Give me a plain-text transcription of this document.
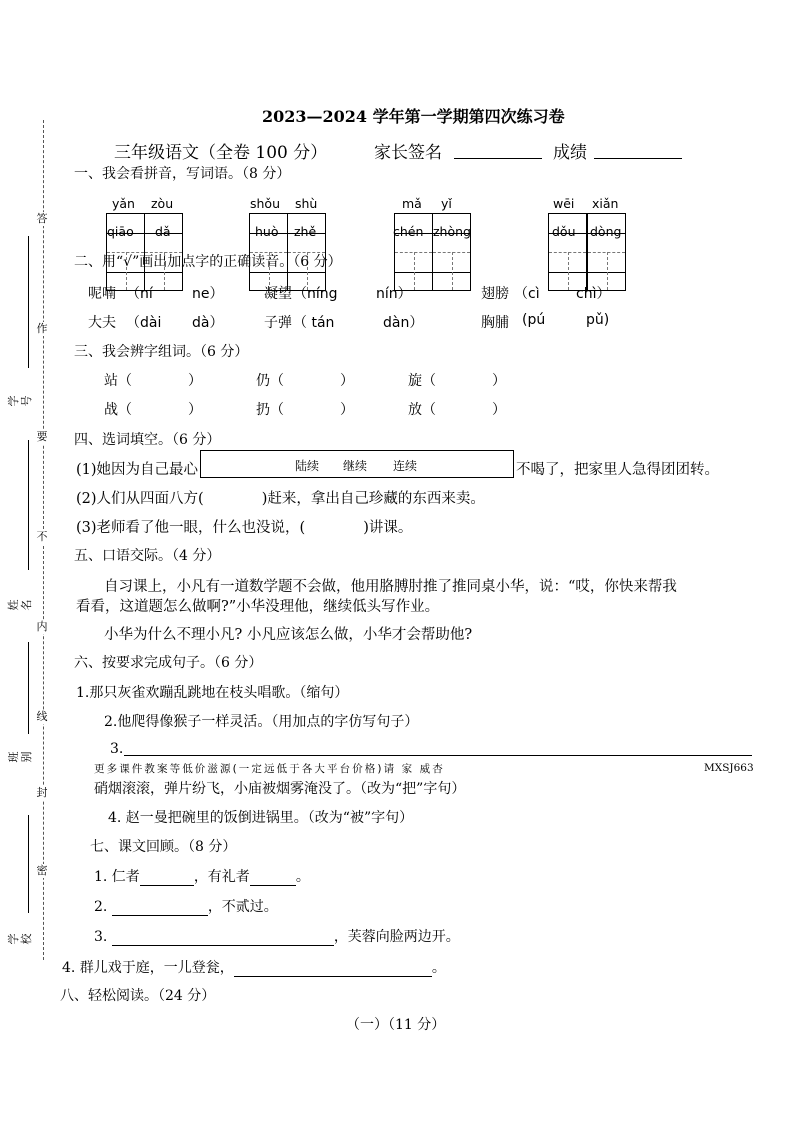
答
作
要
不
内
线
封
密
学号
姓名
班别
学校
2023—2024 学年第一学期第四次练习卷
三年级语文（全卷 100 分）	家长签名	成绩
一、我会看拼音，写词语。（8 分）
yǎn zòu
qiāo dǎ
shǒu shù
huò zhě
mǎ yǐ
chén zhòng
wēi xiǎn
dǒu dòng
二、用“√”画出加点字的正确读音。（6 分）
呢喃 （ní	ne）	凝望 （níng	nín）	翅膀 （cì	chì）
大夫 （dài dà）	子弹 （ tán	dàn）	胸脯 (pú	pǔ)
三、我会辨字组词。（6 分）
站（　　　　）	仍（　　　　）	旋（　　　　）
战（　　　　）	扔（　　　　）	放（　　　　）
四、选词填空。（6 分）
(1)她因为自己最心	陆续 继续 连续	不喝了，把家里人急得团团转。
(2)人们从四面八方(　　　　)赶来，拿出自己珍藏的东西来卖。
(3)老师看了他一眼，什么也没说，(　　　　)讲课。
五、口语交际。（4 分）
自习课上，小凡有一道数学题不会做，他用胳膊肘推了推同桌小华，说：“哎，你快来帮我
看看，这道题怎么做啊?”小华没理他，继续低头写作业。
小华为什么不理小凡? 小凡应该怎么做，小华才会帮助他?
六、按要求完成句子。（6 分）
1.那只灰雀欢蹦乱跳地在枝头唱歌。（缩句）
2.他爬得像猴子一样灵活。（用加点的字仿写句子）
3.
更多课件教案等低价滋源(一定远低于各大平台价格)请 家 威杏	MXSJ663
硝烟滚滚，弹片纷飞，小庙被烟雾淹没了。（改为“把”字句）
4. 赵一曼把碗里的饭倒进锅里。（改为“被”字句）
七、课文回顾。（8 分）
1. 仁者	，有礼者	。
2.	，不贰过。
3.	，芙蓉向脸两边开。
4. 群儿戏于庭，一儿登瓮，	。
八、轻松阅读。（24 分）
（一）（11 分）
